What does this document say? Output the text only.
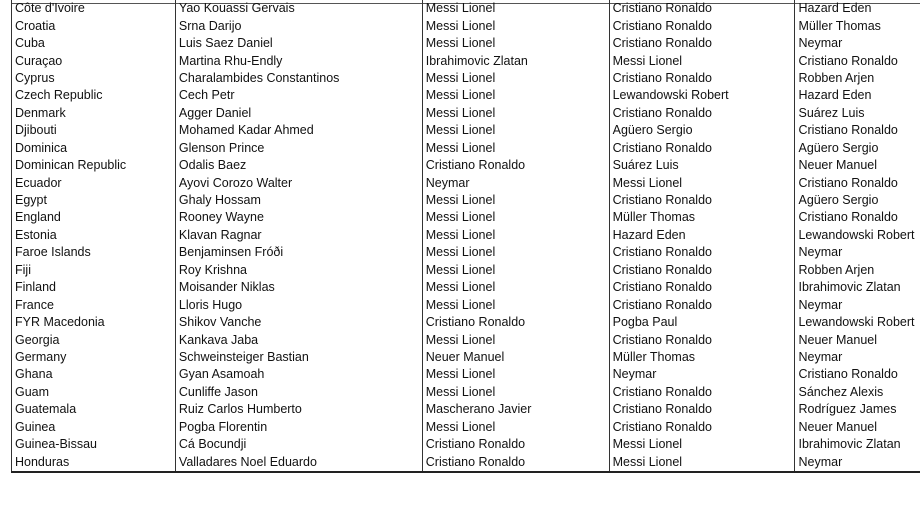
Côte d'Ivoire	Yao Kouassi Gervais	Messi Lionel	Cristiano Ronaldo	Hazard Eden
Croatia	Srna Darijo	Messi Lionel	Cristiano Ronaldo	Müller Thomas
Cuba	Luis Saez Daniel	Messi Lionel	Cristiano Ronaldo	Neymar
Curaçao	Martina Rhu-Endly	Ibrahimovic Zlatan	Messi Lionel	Cristiano Ronaldo
Cyprus	Charalambides Constantinos	Messi Lionel	Cristiano Ronaldo	Robben Arjen
Czech Republic	Cech Petr	Messi Lionel	Lewandowski Robert	Hazard Eden
Denmark	Agger Daniel	Messi Lionel	Cristiano Ronaldo	Suárez Luis
Djibouti	Mohamed Kadar Ahmed	Messi Lionel	Agüero Sergio	Cristiano Ronaldo
Dominica	Glenson Prince	Messi Lionel	Cristiano Ronaldo	Agüero Sergio
Dominican Republic	Odalis Baez	Cristiano Ronaldo	Suárez Luis	Neuer Manuel
Ecuador	Ayovi Corozo Walter	Neymar	Messi Lionel	Cristiano Ronaldo
Egypt	Ghaly Hossam	Messi Lionel	Cristiano Ronaldo	Agüero Sergio
England	Rooney Wayne	Messi Lionel	Müller Thomas	Cristiano Ronaldo
Estonia	Klavan Ragnar	Messi Lionel	Hazard Eden	Lewandowski Robert
Faroe Islands	Benjaminsen Fróði	Messi Lionel	Cristiano Ronaldo	Neymar
Fiji	Roy Krishna	Messi Lionel	Cristiano Ronaldo	Robben Arjen
Finland	Moisander Niklas	Messi Lionel	Cristiano Ronaldo	Ibrahimovic Zlatan
France	Lloris Hugo	Messi Lionel	Cristiano Ronaldo	Neymar
FYR Macedonia	Shikov Vanche	Cristiano Ronaldo	Pogba Paul	Lewandowski Robert
Georgia	Kankava Jaba	Messi Lionel	Cristiano Ronaldo	Neuer Manuel
Germany	Schweinsteiger Bastian	Neuer Manuel	Müller Thomas	Neymar
Ghana	Gyan Asamoah	Messi Lionel	Neymar	Cristiano Ronaldo
Guam	Cunliffe Jason	Messi Lionel	Cristiano Ronaldo	Sánchez Alexis
Guatemala	Ruiz Carlos Humberto	Mascherano Javier	Cristiano Ronaldo	Rodríguez James
Guinea	Pogba Florentin	Messi Lionel	Cristiano Ronaldo	Neuer Manuel
Guinea-Bissau	Cá Bocundji	Cristiano Ronaldo	Messi Lionel	Ibrahimovic Zlatan
Honduras	Valladares Noel Eduardo	Cristiano Ronaldo	Messi Lionel	Neymar
